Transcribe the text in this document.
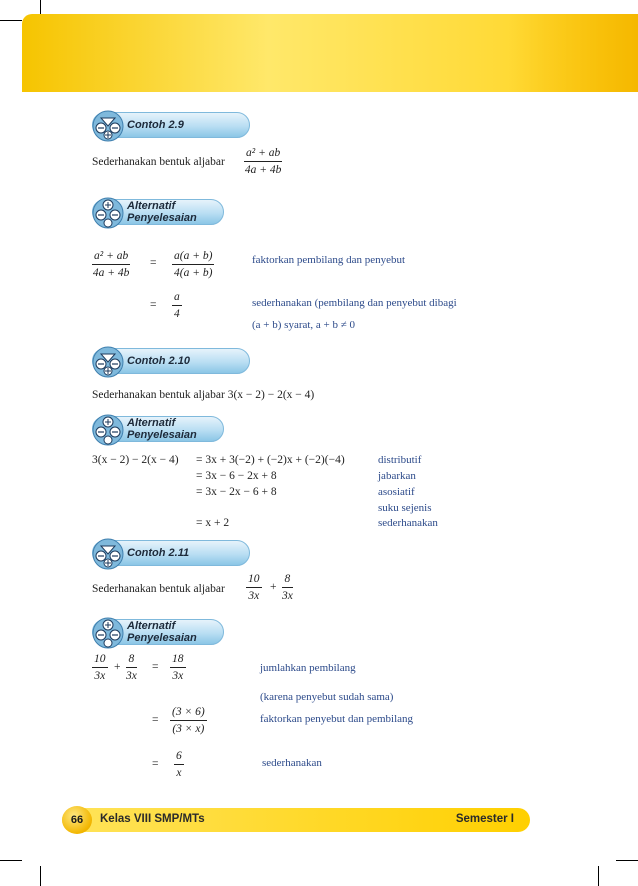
Contoh 2.9
Sederhanakan bentuk aljabar $\frac{\text{a² + ab}}{4a + 4b}$
Alternatif
Penyelesaian
$\frac{\text{a² + ab}}{4a + 4b} = \frac{a(a + b)}{4(a + b)}$	faktorkan pembilang dan penyebut
= $\frac{a}{4}$	sederhanakan (pembilang dan penyebut dibagi
(a + b) syarat, a + b ≠ 0
Contoh 2.10
Sederhanakan bentuk aljabar 3(x − 2) − 2(x − 4)
Alternatif
Penyelesaian
3(x − 2) − 2(x − 4) = 3x + 3(−2) + (−2)x + (−2)(−4)	distributif
= 3x − 6 − 2x + 8	jabarkan
= 3x − 2x − 6 + 8	asosiatif
suku sejenis
= x + 2	sederhanakan
Contoh 2.11
Sederhanakan bentuk aljabar $\frac{10}{3x} + \frac{8}{3x}$
Alternatif
Penyelesaian
$\frac{10}{3x} + \frac{8}{3x} = \frac{18}{3x}$	jumlahkan pembilang
(karena penyebut sudah sama)
= $\frac{(3 \times 6)}{(3 \times x)}$	faktorkan penyebut dan pembilang
= $\frac{6}{x}$	sederhanakan
66	Kelas VIII SMP/MTs	Semester I
